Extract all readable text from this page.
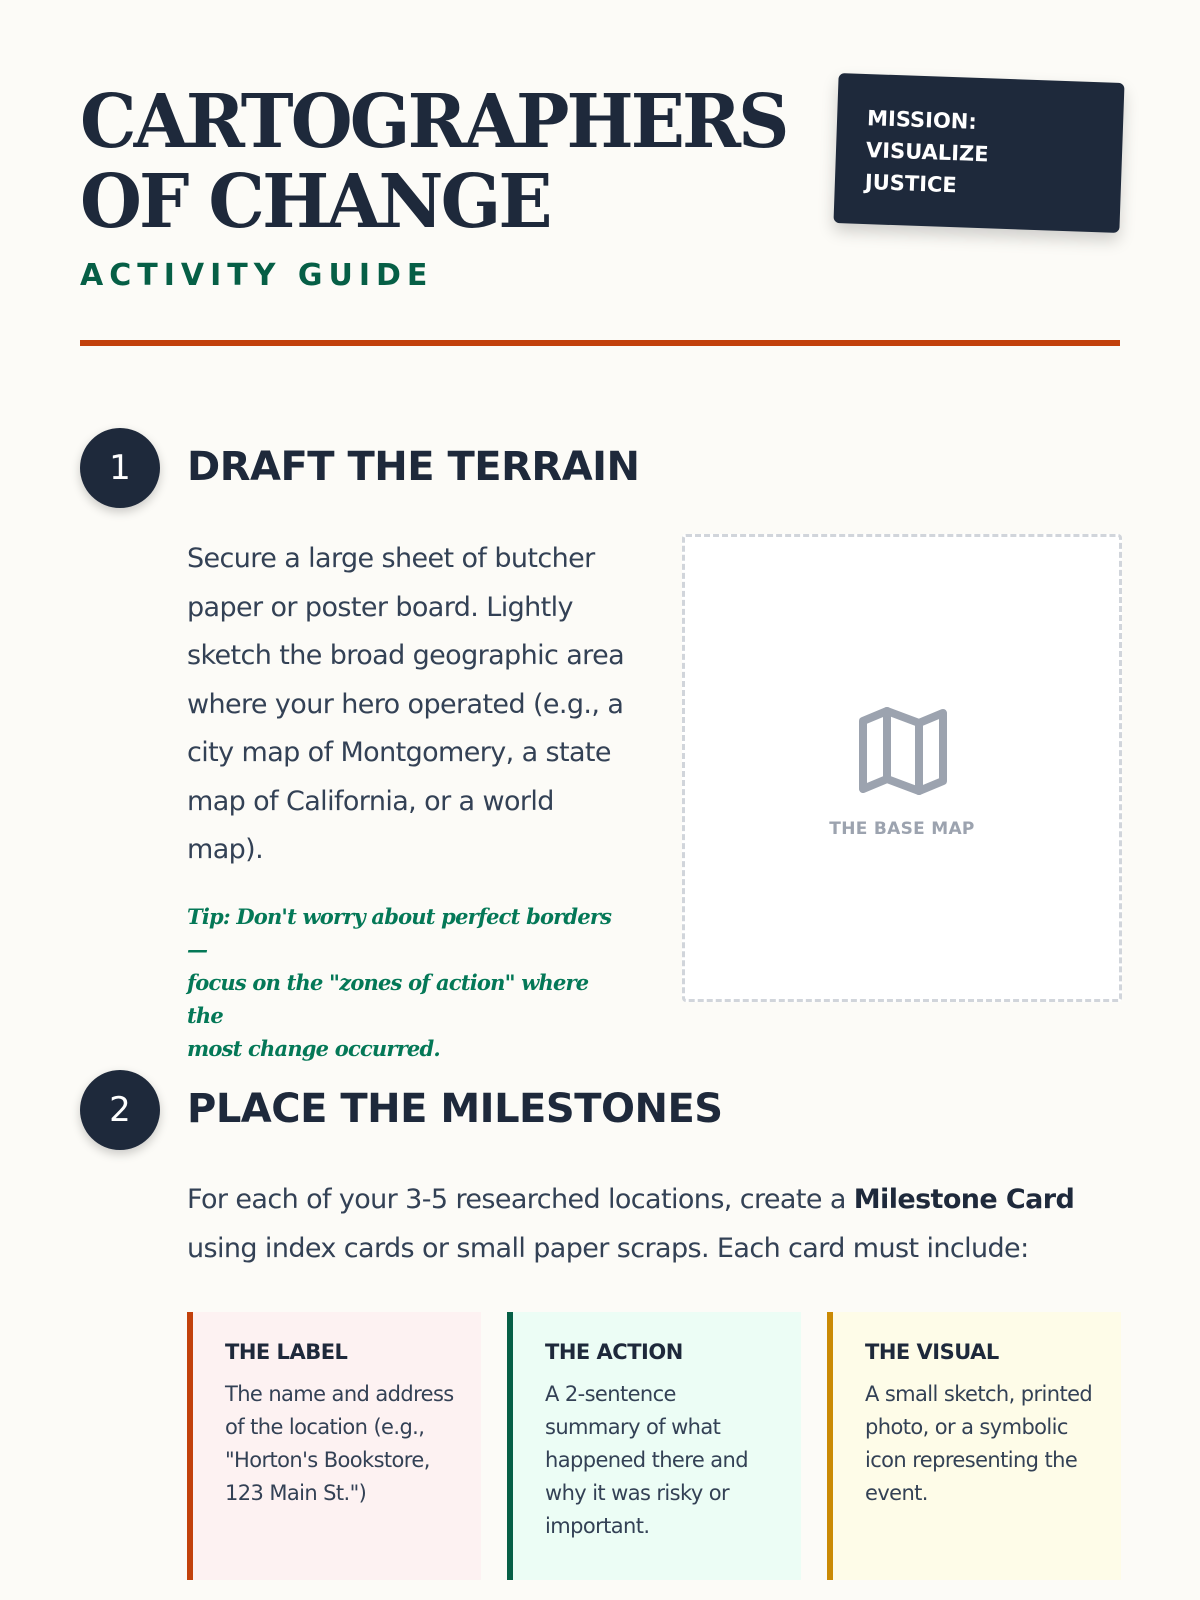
CARTOGRAPHERS
OF CHANGE
ACTIVITY GUIDE
MISSION:
VISUALIZE
JUSTICE
1	DRAFT THE TERRAIN
Secure a large sheet of butcher
paper or poster board. Lightly
sketch the broad geographic area
where your hero operated (e.g., a
city map of Montgomery, a state
map of California, or a world
map).
Tip: Don't worry about perfect borders—
focus on the "zones of action" where the
most change occurred.
THE BASE MAP
2	PLACE THE MILESTONES
For each of your 3-5 researched locations, create a Milestone Card
using index cards or small paper scraps. Each card must include:
THE LABEL
The name and address
of the location (e.g.,
"Horton's Bookstore,
123 Main St.")
THE ACTION
A 2-sentence
summary of what
happened there and
why it was risky or
important.
THE VISUAL
A small sketch, printed
photo, or a symbolic
icon representing the
event.
